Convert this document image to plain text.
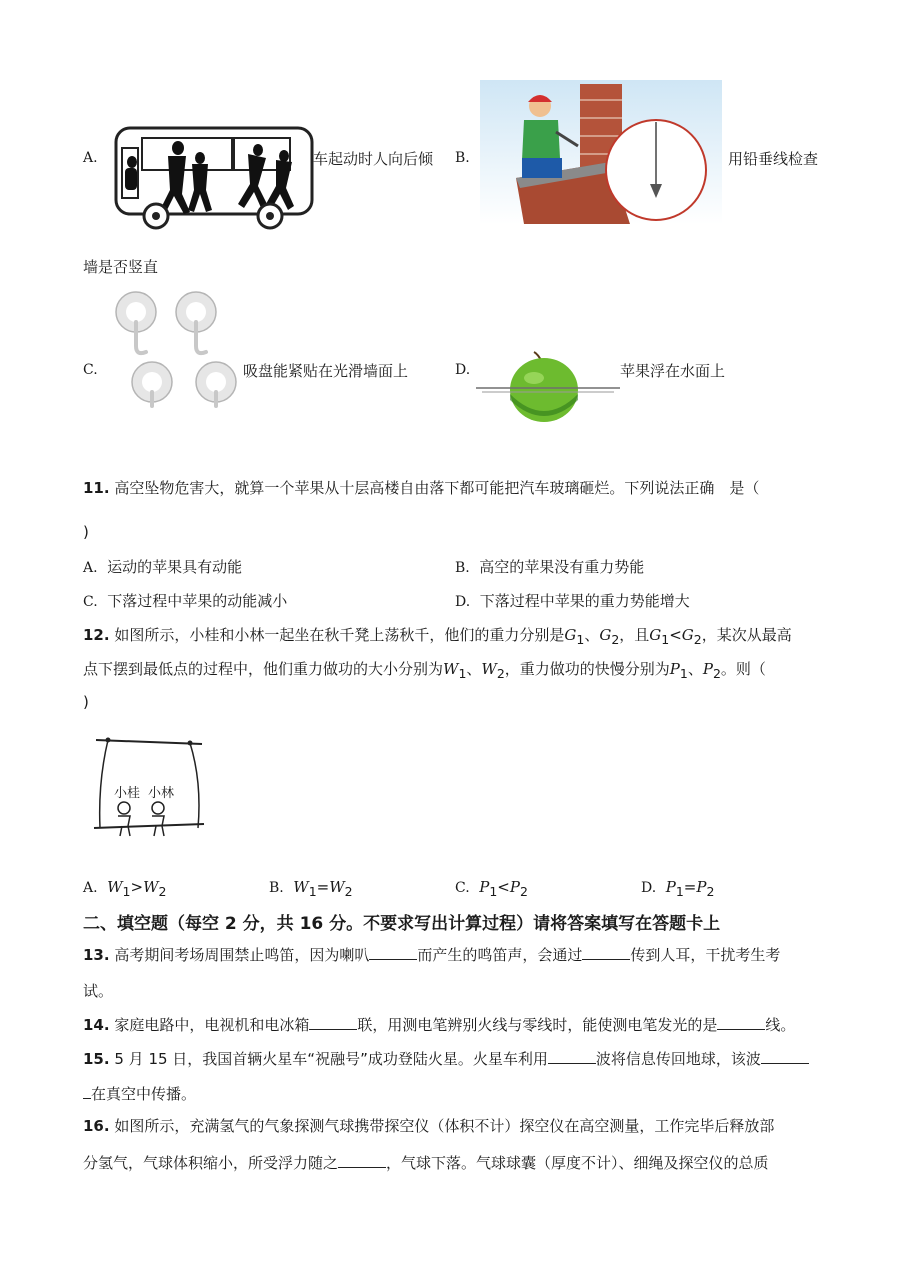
A.	车起动时人向后倾 B.	用铅垂线检查
墙是否竖直
C.	吸盘能紧贴在光滑墙面上	D.	苹果浮在水面上
11. 高空坠物危害大，就算一个苹果从十层高楼自由落下都可能把汽车玻璃砸烂。下列说法正确　是（
)
A. 运动的苹果具有动能	B. 高空的苹果没有重力势能
C. 下落过程中苹果的动能减小	D. 下落过程中苹果的重力势能增大
12. 如图所示，小桂和小林一起坐在秋千凳上荡秋千，他们的重力分别是$G_1$、$G_2$，且$G_1<G_2$，某次从最高
点下摆到最低点的过程中，他们重力做功的大小分别为$W_1$、$W_2$，重力做功的快慢分别为$P_1$、$P_2$。则（
)
小桂 小林
A. $W_1>W_2$	B. $W_1=W_2$	C. $P_1<P_2$	D. $P_1=P_2$
二、填空题（每空 2 分，共 16 分。不要求写出计算过程）请将答案填写在答题卡上
13. 高考期间考场周围禁止鸣笛，因为喇叭	而产生的鸣笛声，会通过	传到人耳，干扰考生考
试。
14. 家庭电路中，电视机和电冰箱	联，用测电笔辨别火线与零线时，能使测电笔发光的是	线。
15. 5 月 15 日，我国首辆火星车“祝融号”成功登陆火星。火星车利用	波将信息传回地球，该波
在真空中传播。
16. 如图所示，充满氢气的气象探测气球携带探空仪（体积不计）探空仪在高空测量，工作完毕后释放部
分氢气，气球体积缩小，所受浮力随之	，气球下落。气球球囊（厚度不计）、细绳及探空仪的总质
